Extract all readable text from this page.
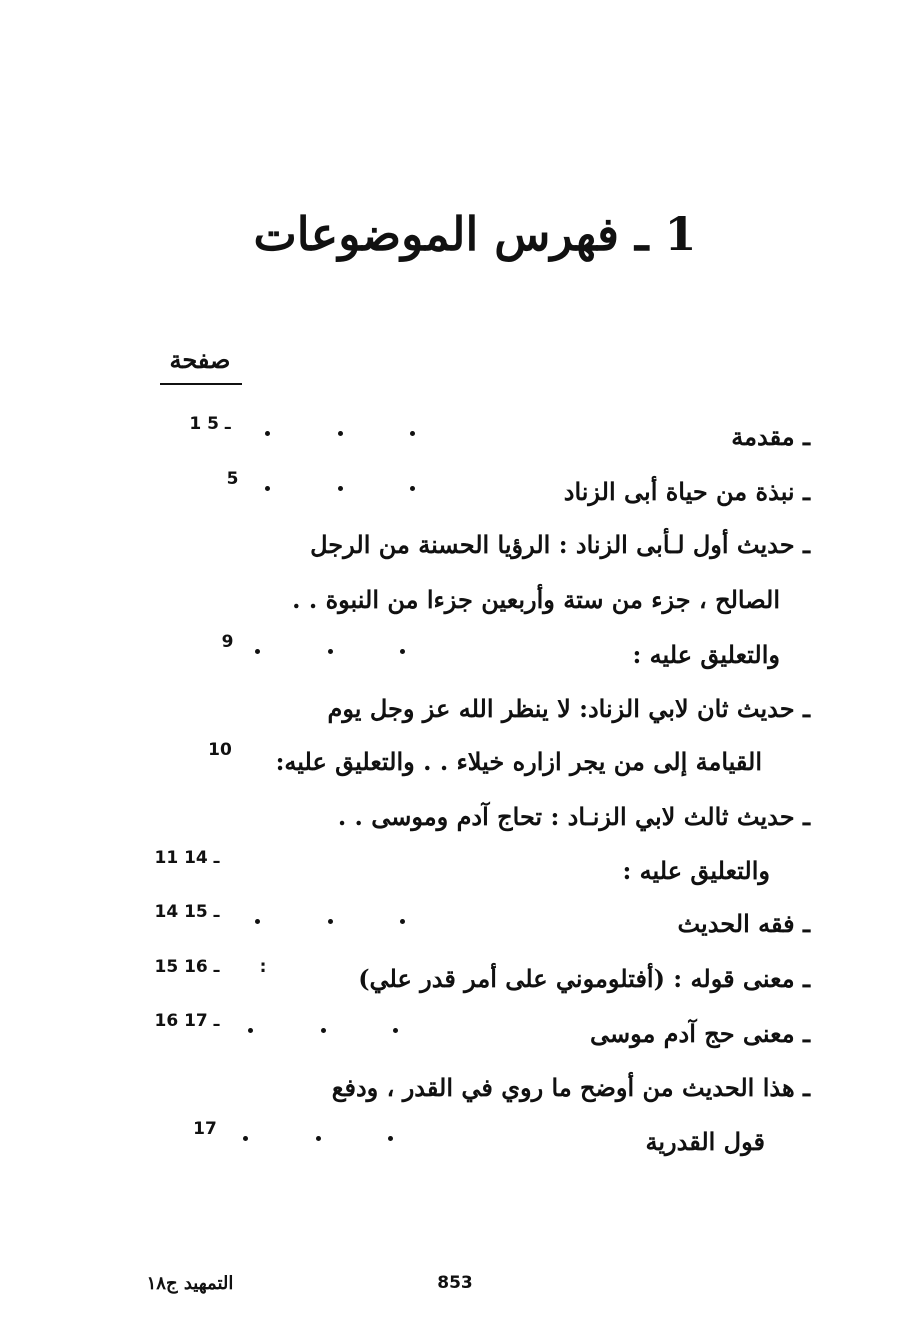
1 ـ فهرس الموضوعات
صفحة
ـ مقدمة
1 ـ 5
ـ نبذة من حياة أبى الزناد
5
ـ حديث أول لـأبى الزناد : الرؤيا الحسنة من الرجل
الصالح ، جزء من ستة وأربعين جزءا من النبوة . .
والتعليق عليه :
9
ـ حديث ثان لابي الزناد: لا ينظر الله عز وجل يوم
القيامة إلى من يجر ازاره خيلاء . . والتعليق عليه:
10
ـ حديث ثالث لابي الزنـاد : تحاج آدم وموسى . .
والتعليق عليه :
11 ـ 14
ـ فقه الحديث
14 ـ 15
ـ معنى قوله : (أفتلوموني على أمر قدر علي)
:
15 ـ 16
ـ معنى حج آدم موسى
16 ـ 17
ـ هذا الحديث من أوضح ما روي في القدر ، ودفع
قول القدرية
17
853
التمهيد ج١٨
